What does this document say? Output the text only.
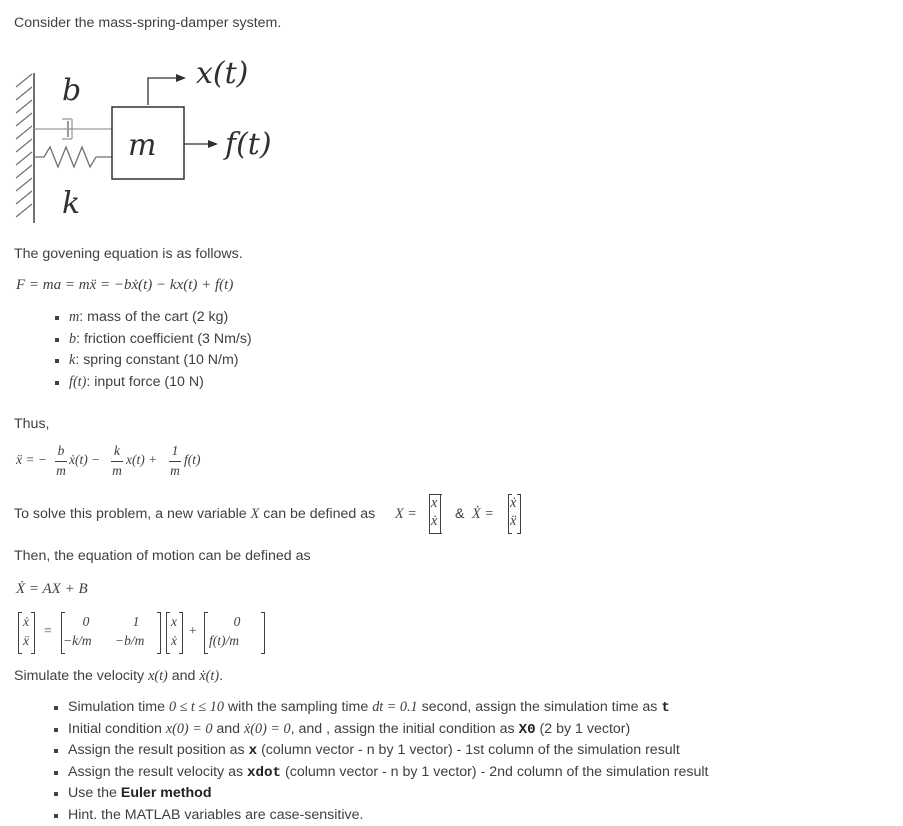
Consider the mass-spring-damper system.
b
k
m
x(t)
f(t)
The govening equation is as follows.
F = ma = mẍ = −bẋ(t) − kx(t) + f(t)
m: mass of the cart (2 kg)
b: friction coefficient (3 Nm/s)
k: spring constant (10 N/m)
f(t): input force (10 N)
Thus,
ẍ = −
b
m
ẋ(t) −
k
m
x(t) +
1
m
f(t)
To solve this problem, a new variable X can be defined as X =
x
ẋ & Ẋ =
ẋ
ẍ
Then, the equation of motion can be defined as
Ẋ = AX + B
ẋ
ẍ
=
0	1
−k/m −b/m
x
ẋ
+
0
f(t)/m
Simulate the velocity x(t) and ẋ(t).
Simulation time 0 ≤ t ≤ 10 with the sampling time dt = 0.1 second, assign the simulation time as t
Initial condition x(0) = 0 and ẋ(0) = 0, and , assign the initial condition as X0 (2 by 1 vector)
Assign the result position as x (column vector - n by 1 vector) - 1st column of the simulation result
Assign the result velocity as xdot (column vector - n by 1 vector) - 2nd column of the simulation result
Use the Euler method
Hint. the MATLAB variables are case-sensitive.
